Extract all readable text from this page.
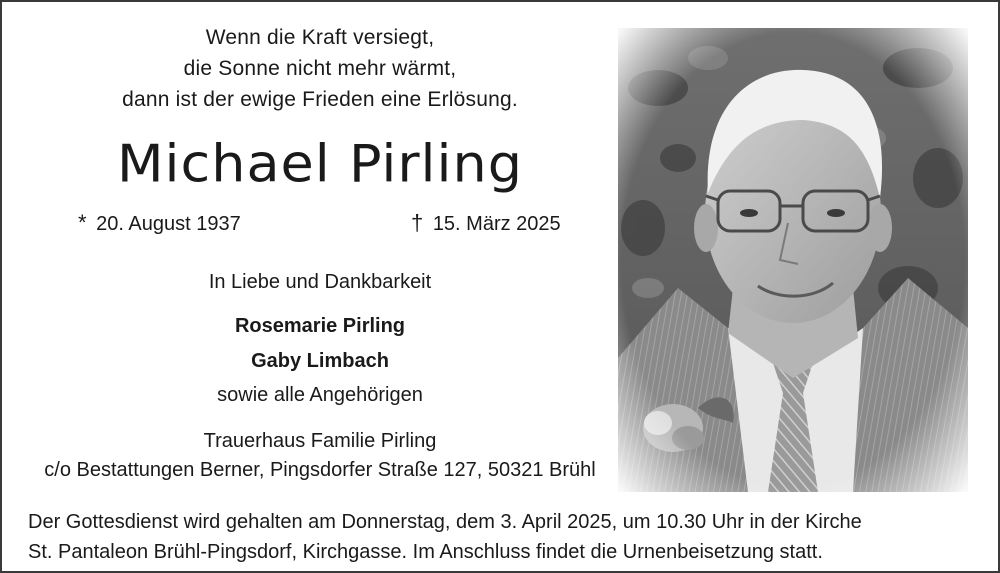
Wenn die Kraft versiegt,
die Sonne nicht mehr wärmt,
dann ist der ewige Frieden eine Erlösung.
Michael Pirling
* 20. August 1937	† 15. März 2025
In Liebe und Dankbarkeit
Rosemarie Pirling
Gaby Limbach
sowie alle Angehörigen
Trauerhaus Familie Pirling
c/o Bestattungen Berner, Pingsdorfer Straße 127, 50321 Brühl
Der Gottesdienst wird gehalten am Donnerstag, dem 3. April 2025, um 10.30 Uhr in der Kirche
St. Pantaleon Brühl-Pingsdorf, Kirchgasse. Im Anschluss findet die Urnenbeisetzung statt.
